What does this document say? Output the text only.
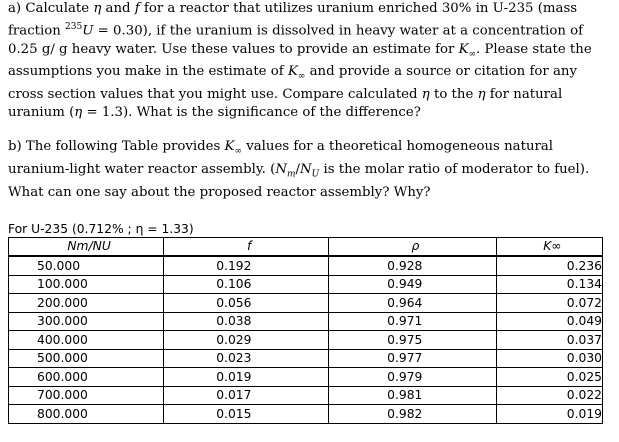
a) Calculate η and f for a reactor that utilizes uranium enriched 30% in U-235 (mass fraction $^{235}$U = 0.30), if the uranium is dissolved in heavy water at a concentration of 0.25 g/ g heavy water. Use these values to provide an estimate for $K_\infty$. Please state the assumptions you make in the estimate of $K_\infty$ and provide a source or citation for any cross section values that you might use. Compare calculated η to the η for natural uranium (η = 1.3). What is the significance of the difference?

b) The following Table provides $K_\infty$ values for a theoretical homogeneous natural uranium-light water reactor assembly. ($N_m/N_U$ is the molar ratio of moderator to fuel). What can one say about the proposed reactor assembly? Why?

For U-235 (0.712% ; η = 1.33)
Nm/NU	f	ρ	K∞
50.000	0.192	0.928	0.236
100.000	0.106	0.949	0.134
200.000	0.056	0.964	0.072
300.000	0.038	0.971	0.049
400.000	0.029	0.975	0.037
500.000	0.023	0.977	0.030
600.000	0.019	0.979	0.025
700.000	0.017	0.981	0.022
800.000	0.015	0.982	0.019
